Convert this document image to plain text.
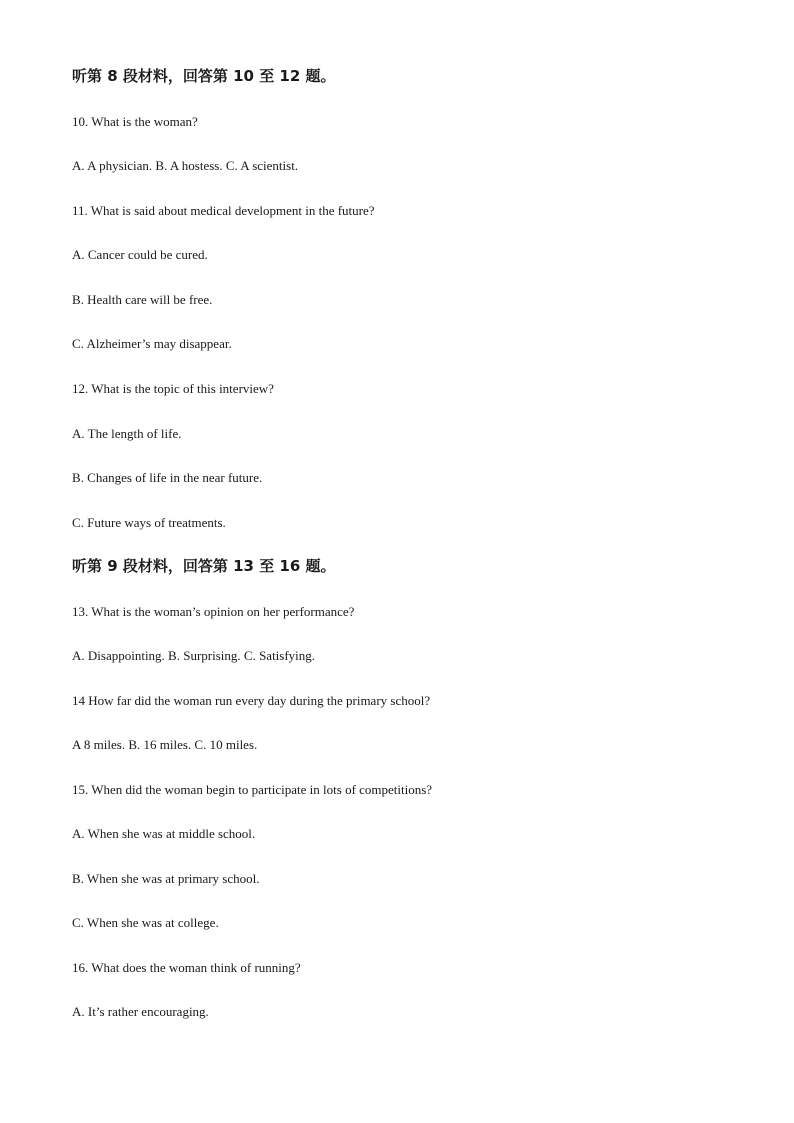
听第 8 段材料，回答第 10 至 12 题。
10. What is the woman?
A. A physician. B. A hostess. C. A scientist.
11. What is said about medical development in the future?
A. Cancer could be cured.
B. Health care will be free.
C. Alzheimer’s may disappear.
12. What is the topic of this interview?
A. The length of life.
B. Changes of life in the near future.
C. Future ways of treatments.
听第 9 段材料，回答第 13 至 16 题。
13. What is the woman’s opinion on her performance?
A. Disappointing. B. Surprising. C. Satisfying.
14 How far did the woman run every day during the primary school?
A 8 miles. B. 16 miles. C. 10 miles.
15. When did the woman begin to participate in lots of competitions?
A. When she was at middle school.
B. When she was at primary school.
C. When she was at college.
16. What does the woman think of running?
A. It’s rather encouraging.
